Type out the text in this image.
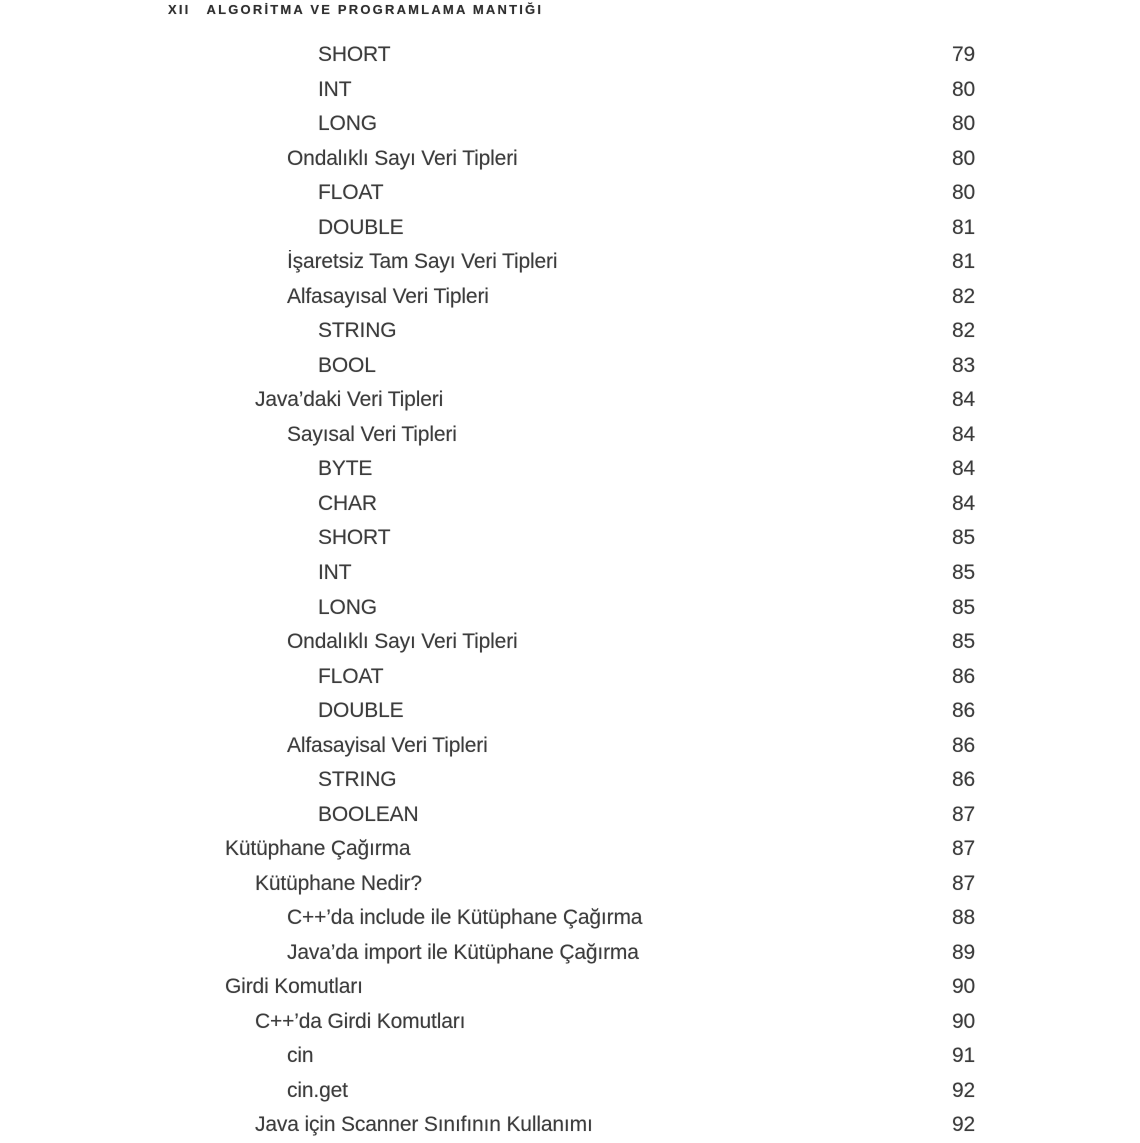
XII ALGORİTMA VE PROGRAMLAMA MANTIĞI
SHORT	79
INT	80
LONG	80
Ondalıklı Sayı Veri Tipleri	80
FLOAT	80
DOUBLE	81
İşaretsiz Tam Sayı Veri Tipleri	81
Alfasayısal Veri Tipleri	82
STRING	82
BOOL	83
Java’daki Veri Tipleri	84
Sayısal Veri Tipleri	84
BYTE	84
CHAR	84
SHORT	85
INT	85
LONG	85
Ondalıklı Sayı Veri Tipleri	85
FLOAT	86
DOUBLE	86
Alfasayisal Veri Tipleri	86
STRING	86
BOOLEAN	87
Kütüphane Çağırma	87
Kütüphane Nedir?	87
C++’da include ile Kütüphane Çağırma	88
Java’da import ile Kütüphane Çağırma	89
Girdi Komutları	90
C++’da Girdi Komutları	90
cin	91
cin.get	92
Java için Scanner Sınıfının Kullanımı	92
